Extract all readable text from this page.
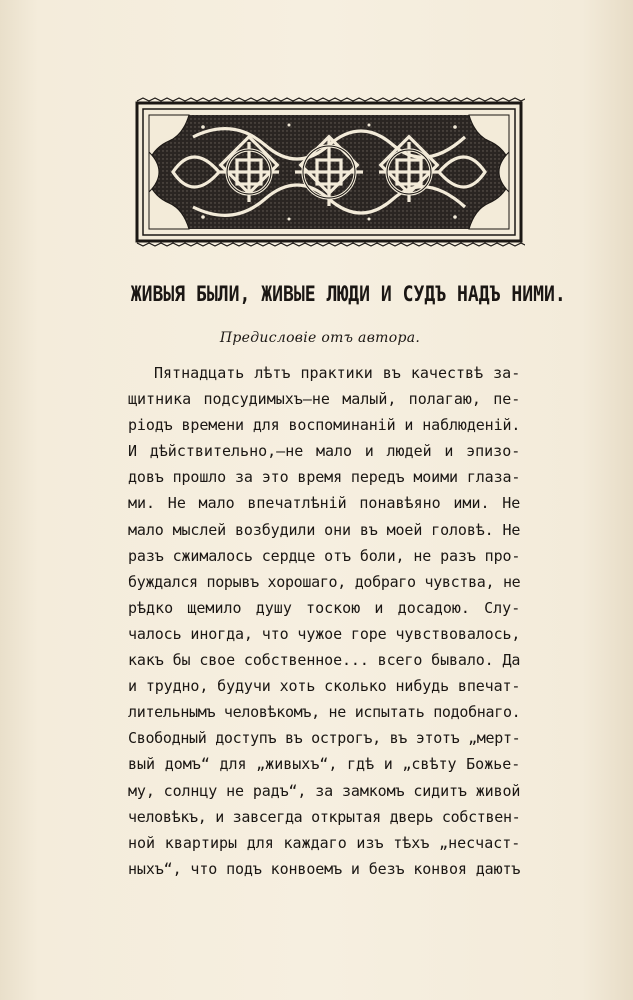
ЖИВЫЯ БЫЛИ, ЖИВЫЕ ЛЮДИ И СУДЪ НАДЪ НИМИ.

Предисловіе отъ автора.

Пятнадцать лѣтъ практики въ качествѣ за-
щитника подсудимыхъ—не малый, полагаю, пе-
ріодъ времени для воспоминаній и наблюденій.
И дѣйствительно,—не мало и людей и эпизо-
довъ прошло за это время передъ моими глаза-
ми. Не мало впечатлѣній понавѣяно ими. Не
мало мыслей возбудили они въ моей головѣ. Не
разъ сжималось сердце отъ боли, не разъ про-
буждался порывъ хорошаго, добраго чувства, не
рѣдко щемило душу тоскою и досадою. Слу-
чалось иногда, что чужое горе чувствовалось,
какъ бы свое собственное... всего бывало. Да
и трудно, будучи хоть сколько нибудь впечат-
лительнымъ человѣкомъ, не испытать подобнаго.
Свободный доступъ въ острогъ, въ этотъ „мерт-
вый домъ“ для „живыхъ“, гдѣ и „свѣту Божье-
му, солнцу не радъ“, за замкомъ сидитъ живой
человѣкъ, и завсегда открытая дверь собствен-
ной квартиры для каждаго изъ тѣхъ „несчаст-
ныхъ“, что подъ конвоемъ и безъ конвоя даютъ
